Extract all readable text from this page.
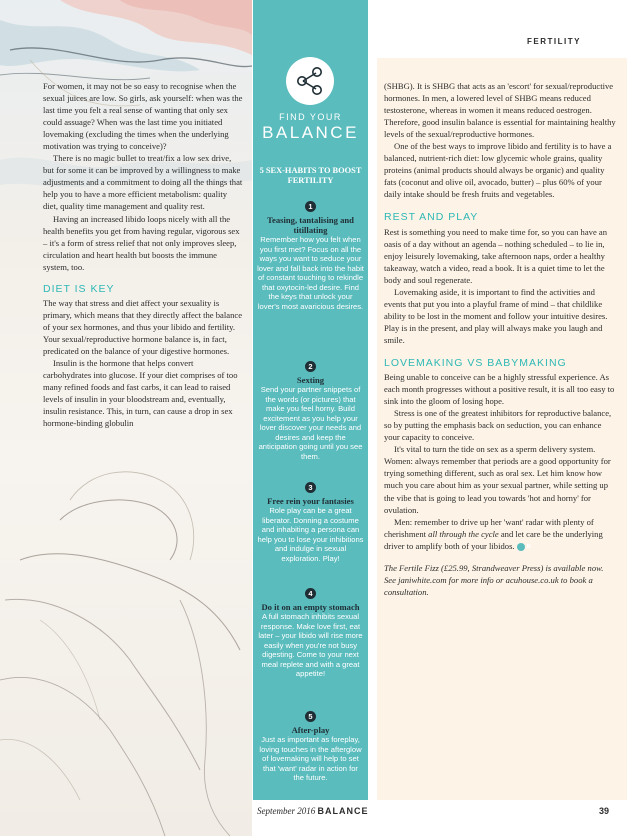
For women, it may not be so easy to recognise when the sexual juices are low. So girls, ask yourself: when was the last time you felt a real sense of wanting that only sex could assuage? When was the last time you initiated lovemaking (excluding the times when the underlying motivation was trying to conceive)?

There is no magic bullet to treat/fix a low sex drive, but for some it can be improved by a willingness to make adjustments and a commitment to doing all the things that help you to have a more efficient metabolism: quality diet, quality time management and quality rest.

Having an increased libido loops nicely with all the health benefits you get from having regular, vigorous sex – it's a form of stress relief that not only improves sleep, circulation and heart health but boosts the immune system, too.

DIET IS KEY

The way that stress and diet affect your sexuality is primary, which means that they directly affect the balance of your sex hormones, and thus your libido and fertility. Your sexual/reproductive hormone balance is, in fact, predicated on the balance of your digestive hormones.

Insulin is the hormone that helps convert carbohydrates into glucose. If your diet comprises of too many refined foods and fast carbs, it can lead to raised levels of insulin in your bloodstream and, eventually, insulin resistance. This, in turn, can cause a drop in sex hormone-binding globulin

FIND YOUR
BALANCE
5 SEX-HABITS TO BOOST FERTILITY
1
Teasing, tantalising and titillating
Remember how you felt when you first met? Focus on all the ways you want to seduce your lover and fall back into the habit of constant touching to rekindle that oxytocin-led desire. Find the keys that unlock your lover's most avaricious desires.
2
Sexting
Send your partner snippets of the words (or pictures) that make you feel horny. Build excitement as you help your lover discover your needs and desires and keep the anticipation going until you see them.
3
Free rein your fantasies
Role play can be a great liberator. Donning a costume and inhabiting a persona can help you to lose your inhibitions and indulge in sexual exploration. Play!
4
Do it on an empty stomach
A full stomach inhibits sexual response. Make love first, eat later – your libido will rise more easily when you're not busy digesting. Come to your next meal replete and with a great appetite!
5
After-play
Just as important as foreplay, loving touches in the afterglow of lovemaking will help to set that 'want' radar in action for the future.
FERTILITY

(SHBG). It is SHBG that acts as an 'escort' for sexual/reproductive hormones. In men, a lowered level of SHBG means reduced testosterone, whereas in women it means reduced oestrogen. Therefore, good insulin balance is essential for maintaining healthy levels of the sexual/reproductive hormones.

One of the best ways to improve libido and fertility is to have a balanced, nutrient-rich diet: low glycemic whole grains, quality proteins (animal products should always be organic) and quality fats (coconut and olive oil, avocado, butter) – plus 60% of your daily intake should be fresh fruits and vegetables.

REST AND PLAY

Rest is something you need to make time for, so you can have an oasis of a day without an agenda – nothing scheduled – to lie in, enjoy leisurely lovemaking, take afternoon naps, order a healthy takeaway, watch a video, read a book. It is a quiet time to let the body and soul regenerate.

Lovemaking aside, it is important to find the activities and events that put you into a playful frame of mind – that childlike ability to be lost in the moment and follow your intuitive desires. Play is in the present, and play will always make you laugh and smile.

LOVEMAKING VS BABYMAKING

Being unable to conceive can be a highly stressful experience. As each month progresses without a positive result, it is all too easy to sink into the gloom of losing hope.

Stress is one of the greatest inhibitors for reproductive balance, so by putting the emphasis back on seduction, you can enhance your capacity to conceive.

It's vital to turn the tide on sex as a sperm delivery system. Women: always remember that periods are a good opportunity for trying something different, such as oral sex. Let him know how much you care about him as your sexual partner, while setting up the vibe that is going to lead you towards 'hot and horny' for ovulation.

Men: remember to drive up her 'want' radar with plenty of cherishment all through the cycle and let care be the underlying driver to amplify both of your libidos. B

The Fertile Fizz (£25.99, Strandweaver Press) is available now. See janiwhite.com for more info or acuhouse.co.uk to book a consultation.

September 2016 BALANCE	39
